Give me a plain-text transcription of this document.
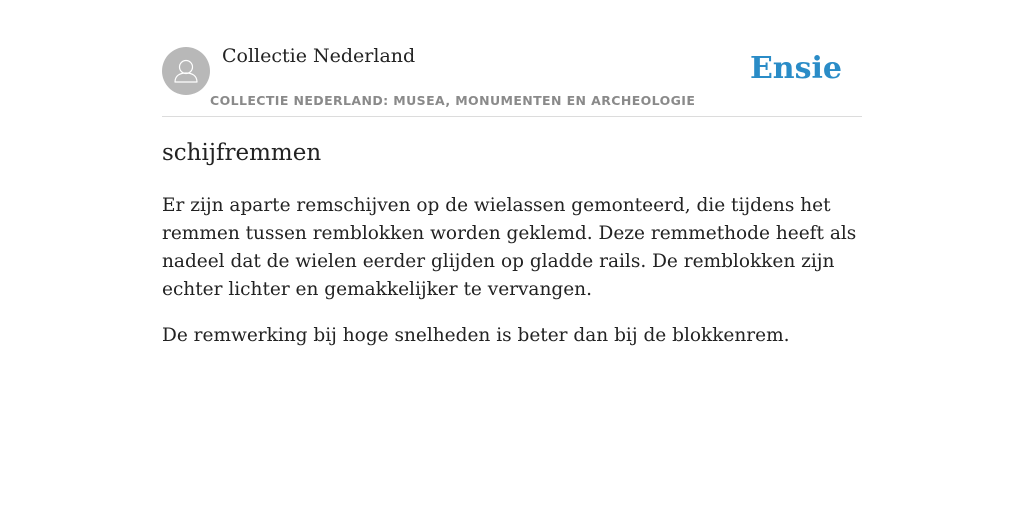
Collectie Nederland
COLLECTIE NEDERLAND: MUSEA, MONUMENTEN EN ARCHEOLOGIE
Ensie
schijfremmen

Er zijn aparte remschijven op de wielassen gemonteerd, die tijdens het remmen tussen remblokken worden geklemd. Deze remmethode heeft als nadeel dat de wielen eerder glijden op gladde rails. De remblokken zijn echter lichter en gemakkelijker te vervangen.

De remwerking bij hoge snelheden is beter dan bij de blokkenrem.
